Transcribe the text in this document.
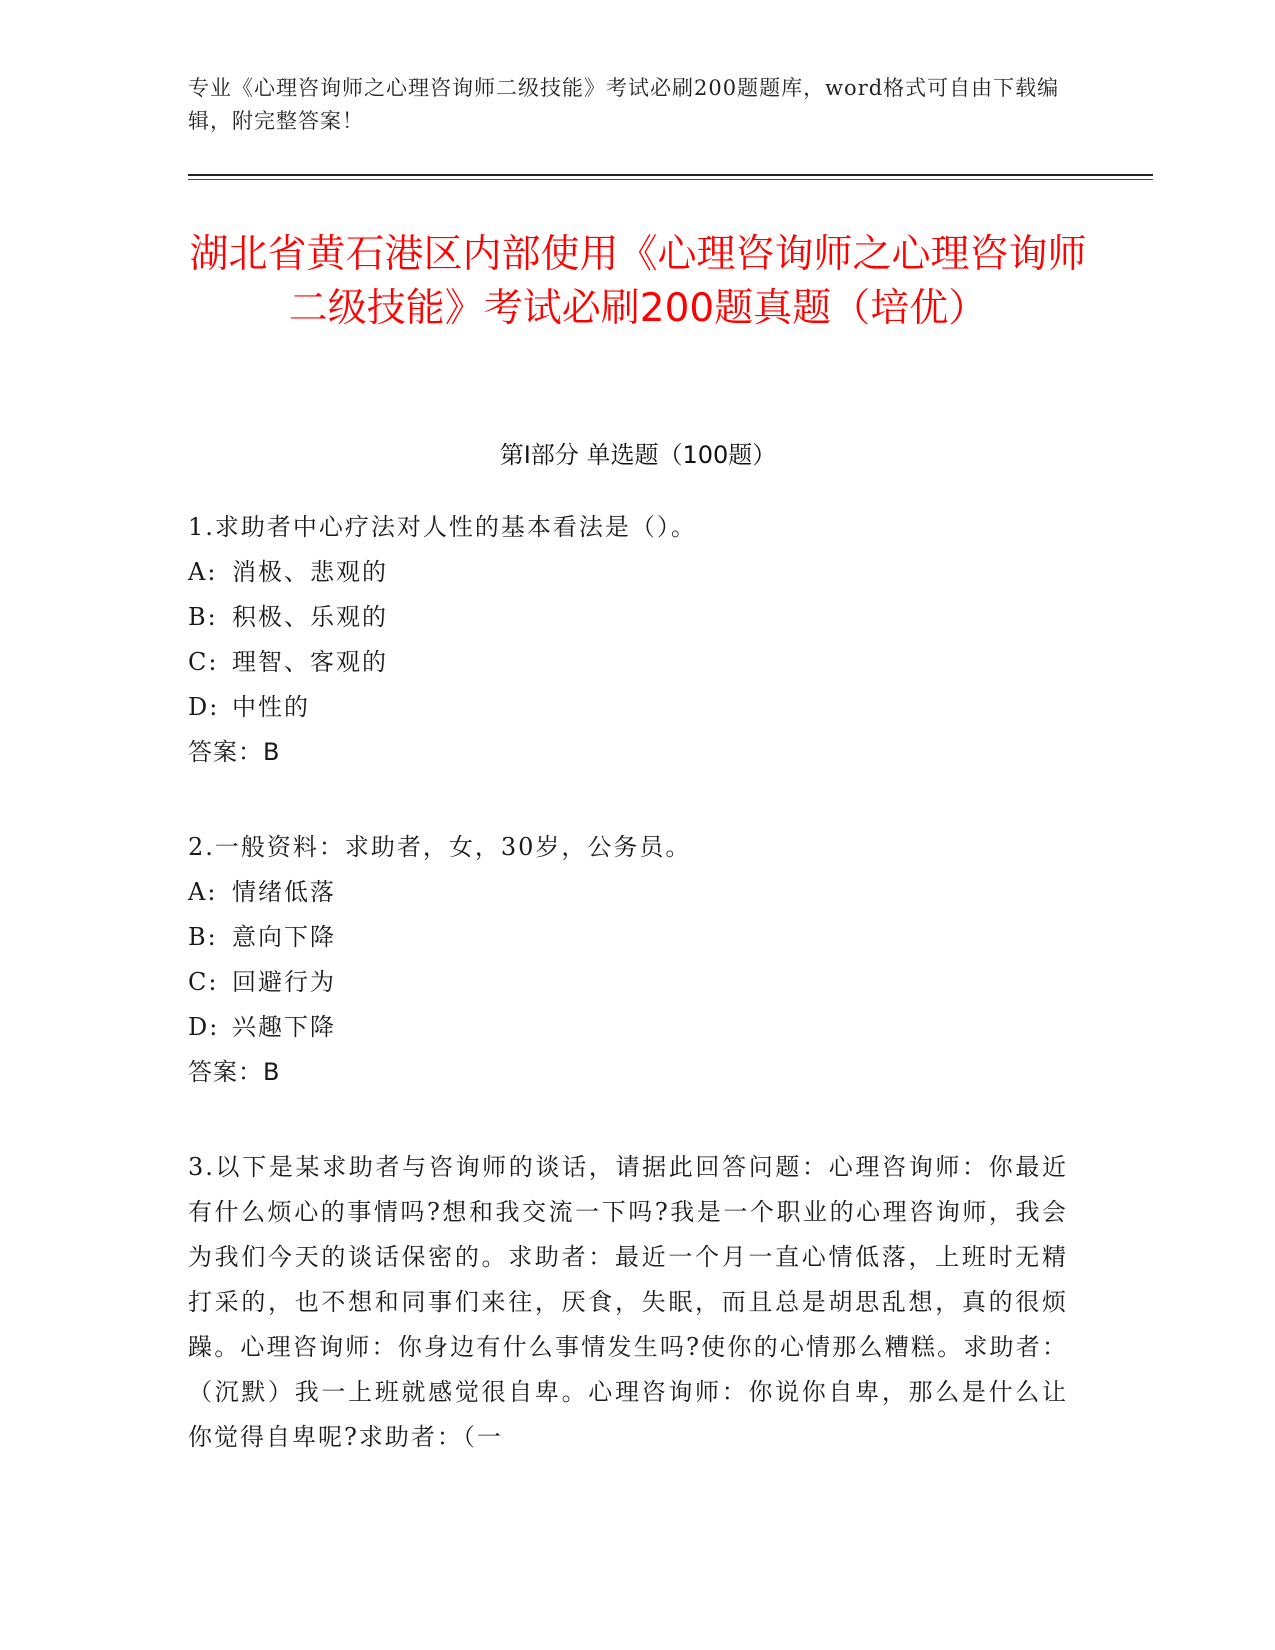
专业《心理咨询师之心理咨询师二级技能》考试必刷200题题库，word格式可自由下载编辑，附完整答案！
湖北省黄石港区内部使用《心理咨询师之心理咨询师二级技能》考试必刷200题真题（培优）
第Ⅰ部分 单选题（100题）

1.求助者中心疗法对人性的基本看法是（）。

A: 消极、悲观的

B: 积极、乐观的

C: 理智、客观的

D: 中性的

答案：B

2.一般资料：求助者，女，30岁，公务员。

A: 情绪低落

B: 意向下降

C: 回避行为

D: 兴趣下降

答案：B

3.以下是某求助者与咨询师的谈话，请据此回答问题：心理咨询师：你最近有什么烦心的事情吗?想和我交流一下吗?我是一个职业的心理咨询师，我会为我们今天的谈话保密的。求助者：最近一个月一直心情低落，上班时无精打采的，也不想和同事们来往，厌食，失眠，而且总是胡思乱想，真的很烦躁。心理咨询师：你身边有什么事情发生吗?使你的心情那么糟糕。求助者：（沉默）我一上班就感觉很自卑。心理咨询师：你说你自卑，那么是什么让你觉得自卑呢?求助者：（一
